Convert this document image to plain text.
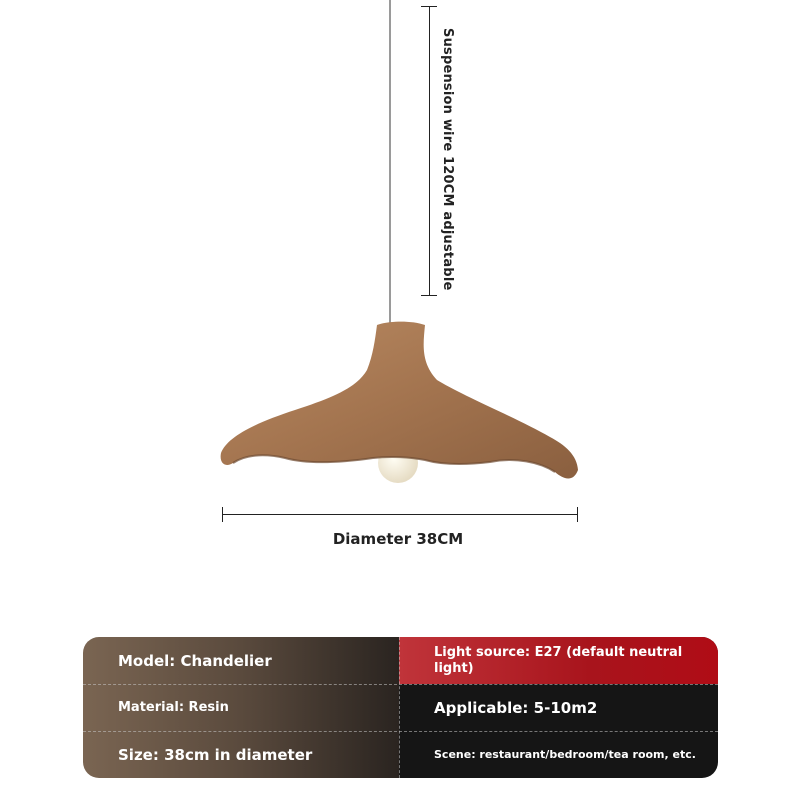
Suspension wire 120CM adjustable
Diameter 38CM
Model: Chandelier	Light source: E27 (default neutral light)
Material: Resin	Applicable: 5-10m2
Size: 38cm in diameter	Scene: restaurant/bedroom/tea room, etc.
